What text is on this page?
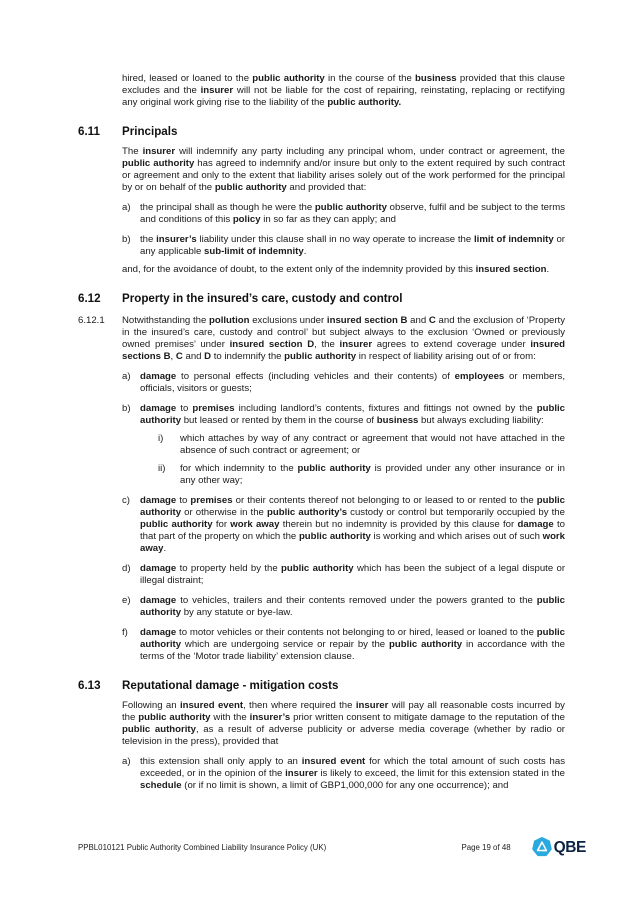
hired, leased or loaned to the public authority in the course of the business provided that this clause excludes and the insurer will not be liable for the cost of repairing, reinstating, replacing or rectifying any original work giving rise to the liability of the public authority.
6.11	Principals
The insurer will indemnify any party including any principal whom, under contract or agreement, the public authority has agreed to indemnify and/or insure but only to the extent required by such contract or agreement and only to the extent that liability arises solely out of the work performed for the principal by or on behalf of the public authority and provided that:
a) the principal shall as though he were the public authority observe, fulfil and be subject to the terms and conditions of this policy in so far as they can apply; and
b) the insurer’s liability under this clause shall in no way operate to increase the limit of indemnity or any applicable sub-limit of indemnity.
and, for the avoidance of doubt, to the extent only of the indemnity provided by this insured section.
6.12	Property in the insured’s care, custody and control
6.12.1	Notwithstanding the pollution exclusions under insured section B and C and the exclusion of ‘Property in the insured’s care, custody and control’ but subject always to the exclusion ‘Owned or previously owned premises’ under insured section D, the insurer agrees to extend coverage under insured sections B, C and D to indemnify the public authority in respect of liability arising out of or from:
a) damage to personal effects (including vehicles and their contents) of employees or members, officials, visitors or guests;
b) damage to premises including landlord’s contents, fixtures and fittings not owned by the public authority but leased or rented by them in the course of business but always excluding liability:
i)	which attaches by way of any contract or agreement that would not have attached in the absence of such contract or agreement; or
ii)	for which indemnity to the public authority is provided under any other insurance or in any other way;
c)	damage to premises or their contents thereof not belonging to or leased to or rented to the public authority or otherwise in the public authority’s custody or control but temporarily occupied by the public authority for work away therein but no indemnity is provided by this clause for damage to that part of the property on which the public authority is working and which arises out of such work away.
d) damage to property held by the public authority which has been the subject of a legal dispute or illegal distraint;
e) damage to vehicles, trailers and their contents removed under the powers granted to the public authority by any statute or bye-law.
f)	damage to motor vehicles or their contents not belonging to or hired, leased or loaned to the public authority which are undergoing service or repair by the public authority in accordance with the terms of the ‘Motor trade liability’ extension clause.
6.13	Reputational damage - mitigation costs
Following an insured event, then where required the insurer will pay all reasonable costs incurred by the public authority with the insurer’s prior written consent to mitigate damage to the reputation of the public authority, as a result of adverse publicity or adverse media coverage (whether by radio or television in the press), provided that
a) this extension shall only apply to an insured event for which the total amount of such costs has exceeded, or in the opinion of the insurer is likely to exceed, the limit for this extension stated in the schedule (or if no limit is shown, a limit of GBP1,000,000 for any one occurrence); and
PPBL010121 Public Authority Combined Liability Insurance Policy (UK)	Page 19 of 48	QBE
